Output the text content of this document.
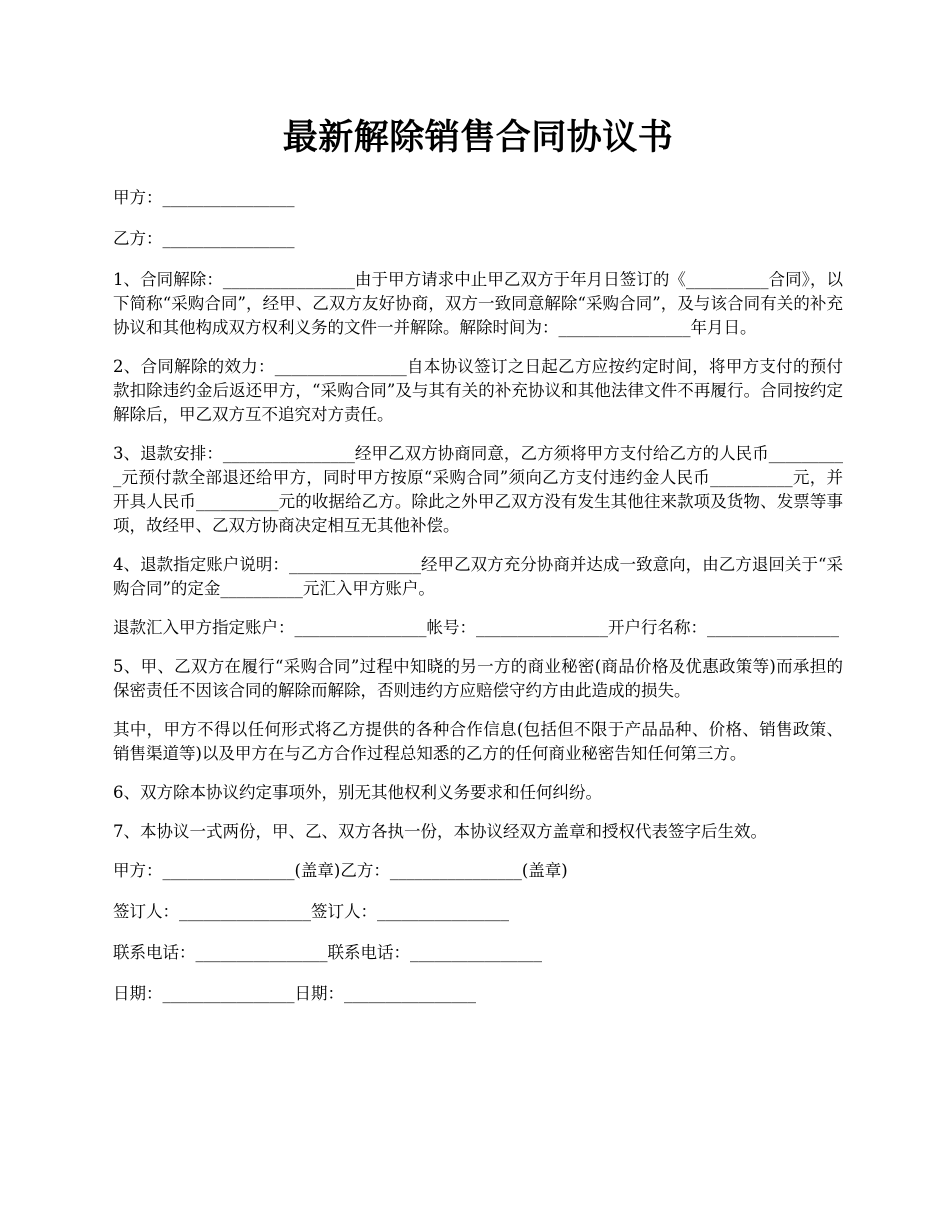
最新解除销售合同协议书

甲方：________________

乙方：________________

1、合同解除：________________由于甲方请求中止甲乙双方于年月日签订的《__________合同》，以下简称“采购合同”，经甲、乙双方友好协商，双方一致同意解除“采购合同”，及与该合同有关的补充协议和其他构成双方权利义务的文件一并解除。解除时间为：________________年月日。

2、合同解除的效力：________________自本协议签订之日起乙方应按约定时间，将甲方支付的预付款扣除违约金后返还甲方，“采购合同”及与其有关的补充协议和其他法律文件不再履行。合同按约定解除后，甲乙双方互不追究对方责任。

3、退款安排：________________经甲乙双方协商同意，乙方须将甲方支付给乙方的人民币__________元预付款全部退还给甲方，同时甲方按原“采购合同”须向乙方支付违约金人民币__________元，并开具人民币__________元的收据给乙方。除此之外甲乙双方没有发生其他往来款项及货物、发票等事项，故经甲、乙双方协商决定相互无其他补偿。

4、退款指定账户说明：________________经甲乙双方充分协商并达成一致意向，由乙方退回关于“采购合同”的定金__________元汇入甲方账户。

退款汇入甲方指定账户：________________帐号：________________开户行名称：________________

5、甲、乙双方在履行“采购合同”过程中知晓的另一方的商业秘密(商品价格及优惠政策等)而承担的保密责任不因该合同的解除而解除，否则违约方应赔偿守约方由此造成的损失。

其中，甲方不得以任何形式将乙方提供的各种合作信息(包括但不限于产品品种、价格、销售政策、销售渠道等)以及甲方在与乙方合作过程总知悉的乙方的任何商业秘密告知任何第三方。

6、双方除本协议约定事项外，别无其他权利义务要求和任何纠纷。

7、本协议一式两份，甲、乙、双方各执一份，本协议经双方盖章和授权代表签字后生效。

甲方：________________(盖章)乙方：________________(盖章)

签订人：________________签订人：________________

联系电话：________________联系电话：________________

日期：________________日期：________________
